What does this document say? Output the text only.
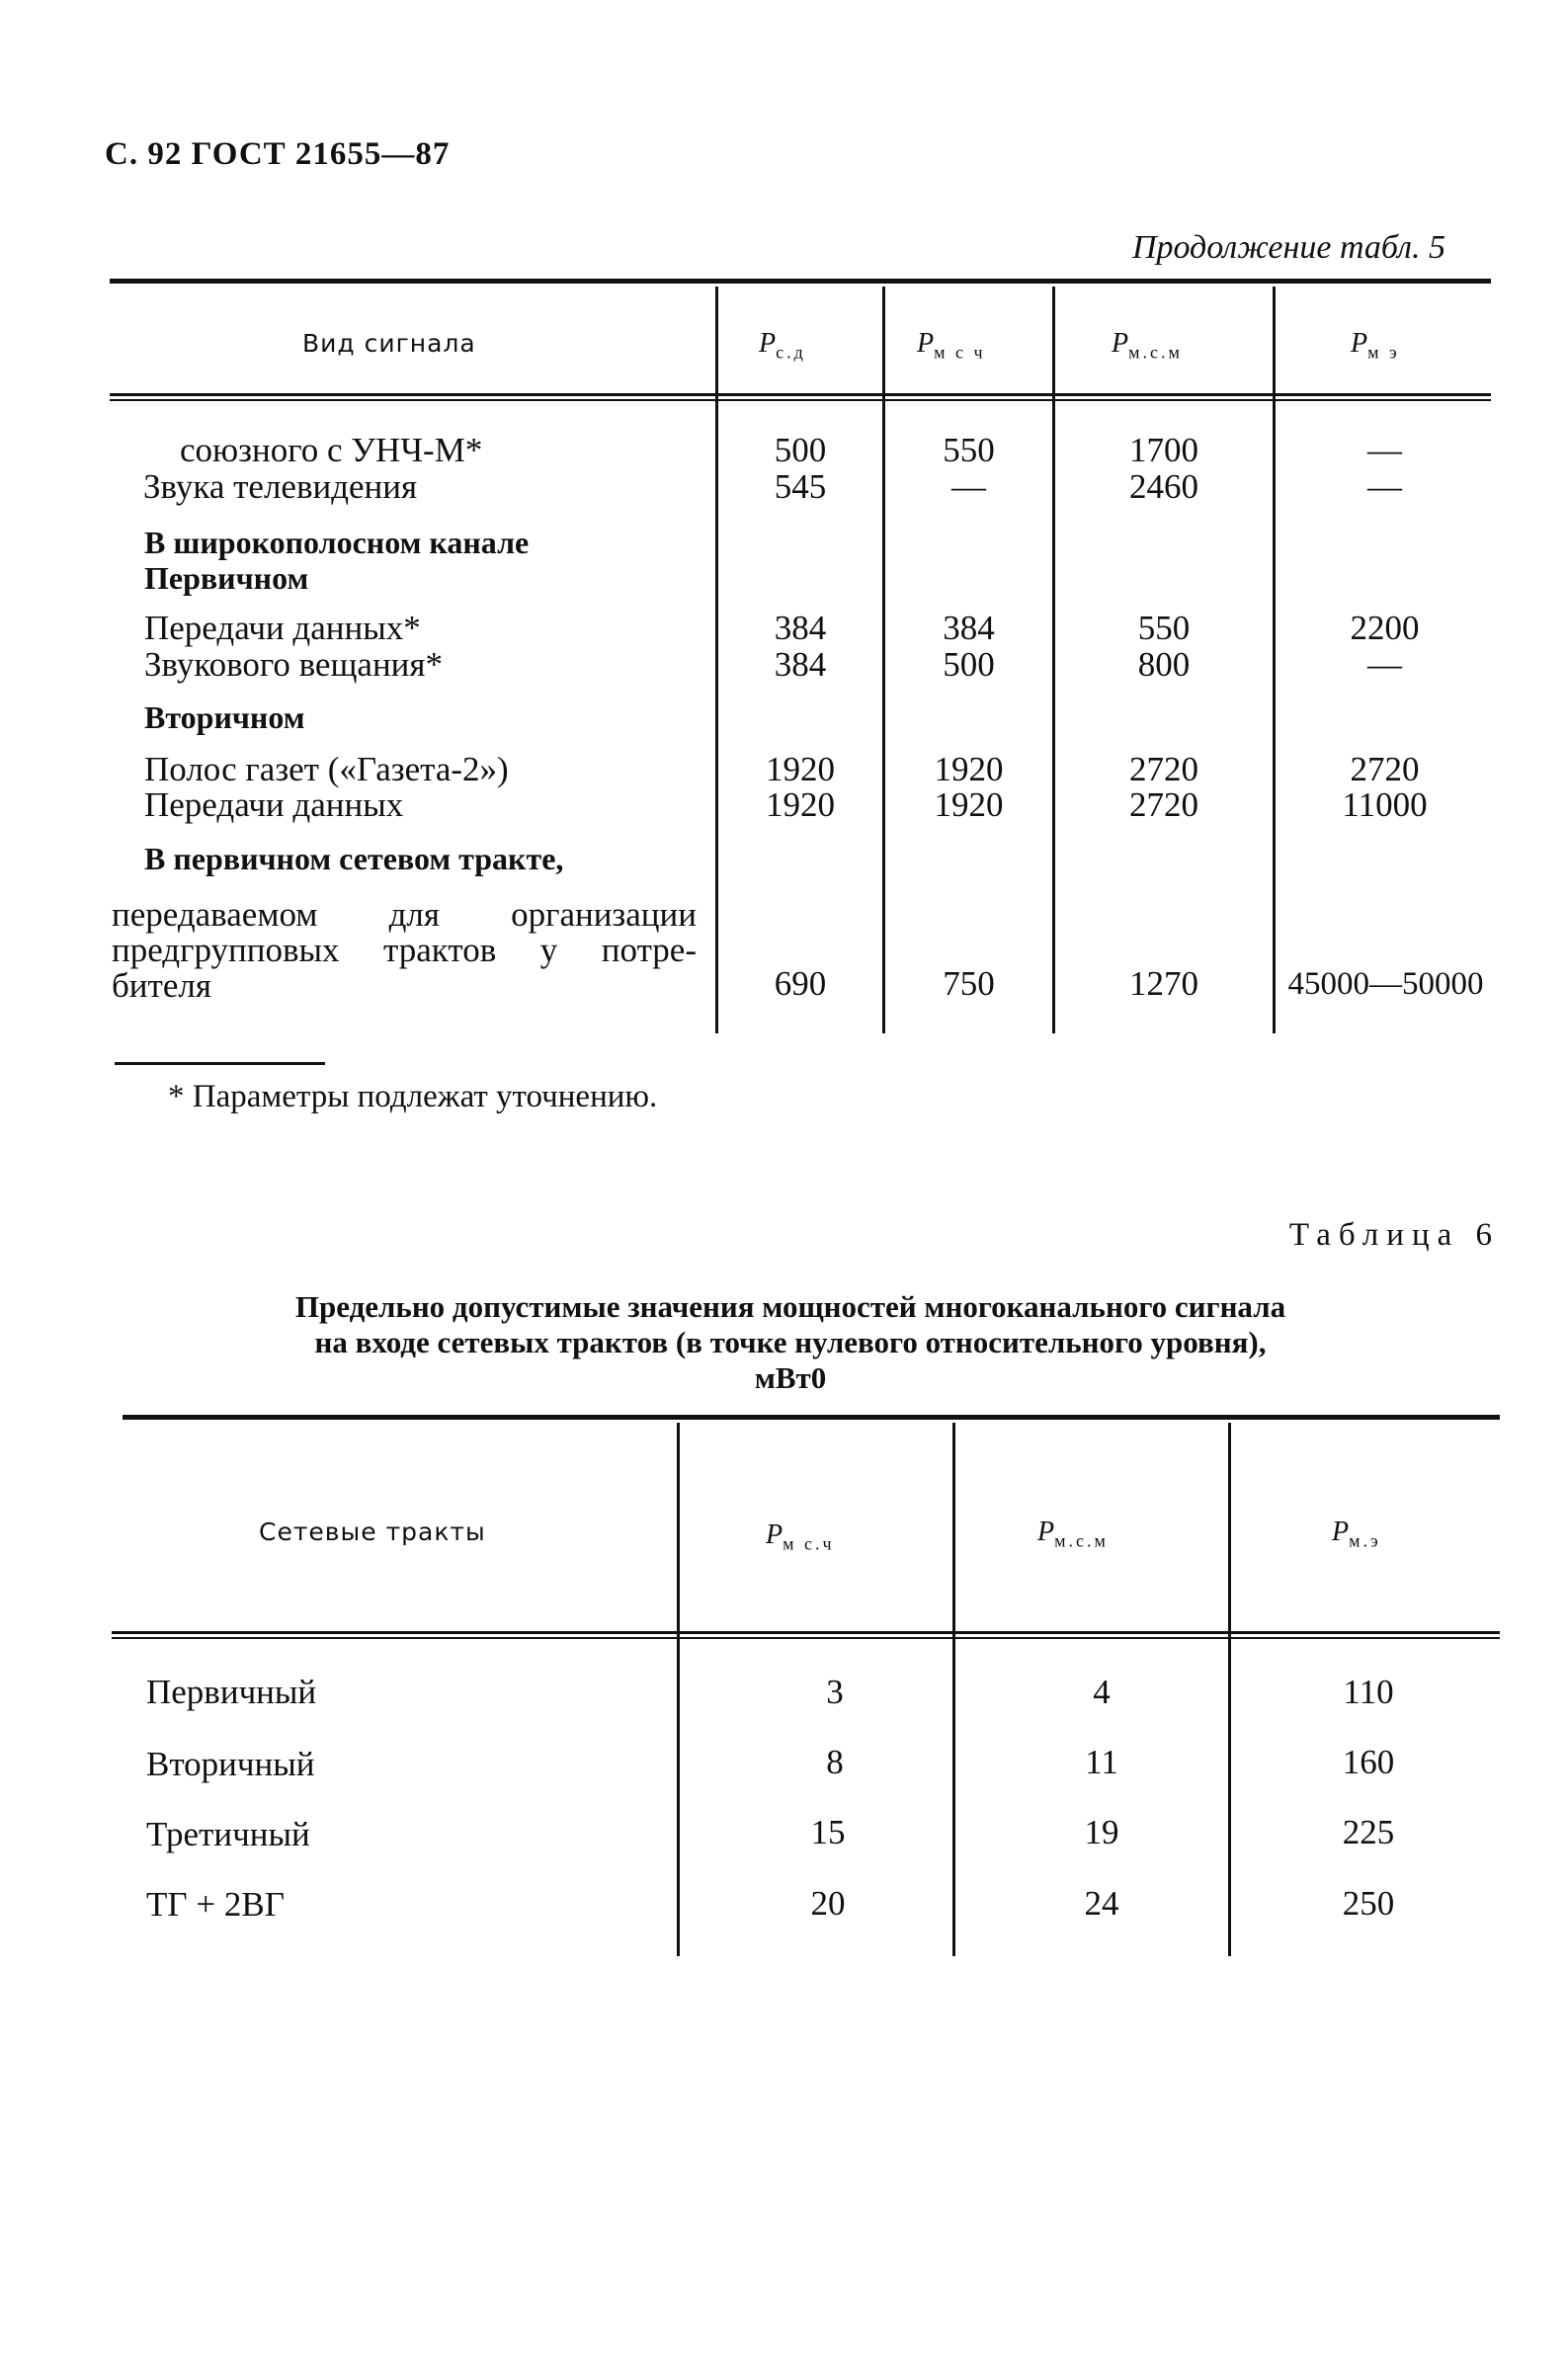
С. 92 ГОСТ 21655—87
Продолжение табл. 5
Вид сигнала	$P_{с.д}$	$P_{м с ч}$	$P_{м.с.м}$	$P_{м э}$
союзного с УНЧ-М*	500	550	1700	—
Звука телевидения	545	—	2460	—
В широкополосном канале
Первичном
Передачи данных*	384	384	550	2200
Звукового вещания*	384	500	800	—
Вторичном
Полос газет («Газета-2»)	1920	1920	2720	2720
Передачи данных	1920	1920	2720	11000
В первичном сетевом тракте,
передаваемом для организации
предгрупповых трактов у потре-
бителя	690	750	1270	45000—50000
* Параметры подлежат уточнению.
Таблица 6
Предельно допустимые значения мощностей многоканального сигнала
на входе сетевых трактов (в точке нулевого относительного уровня),
мВт0
Сетевые тракты	$P_{м с.ч}$	$P_{м.с.м}$	$P_{м.э}$
Первичный	3	4	110
Вторичный	8	11	160
Третичный	15	19	225
ТГ + 2ВГ	20	24	250
